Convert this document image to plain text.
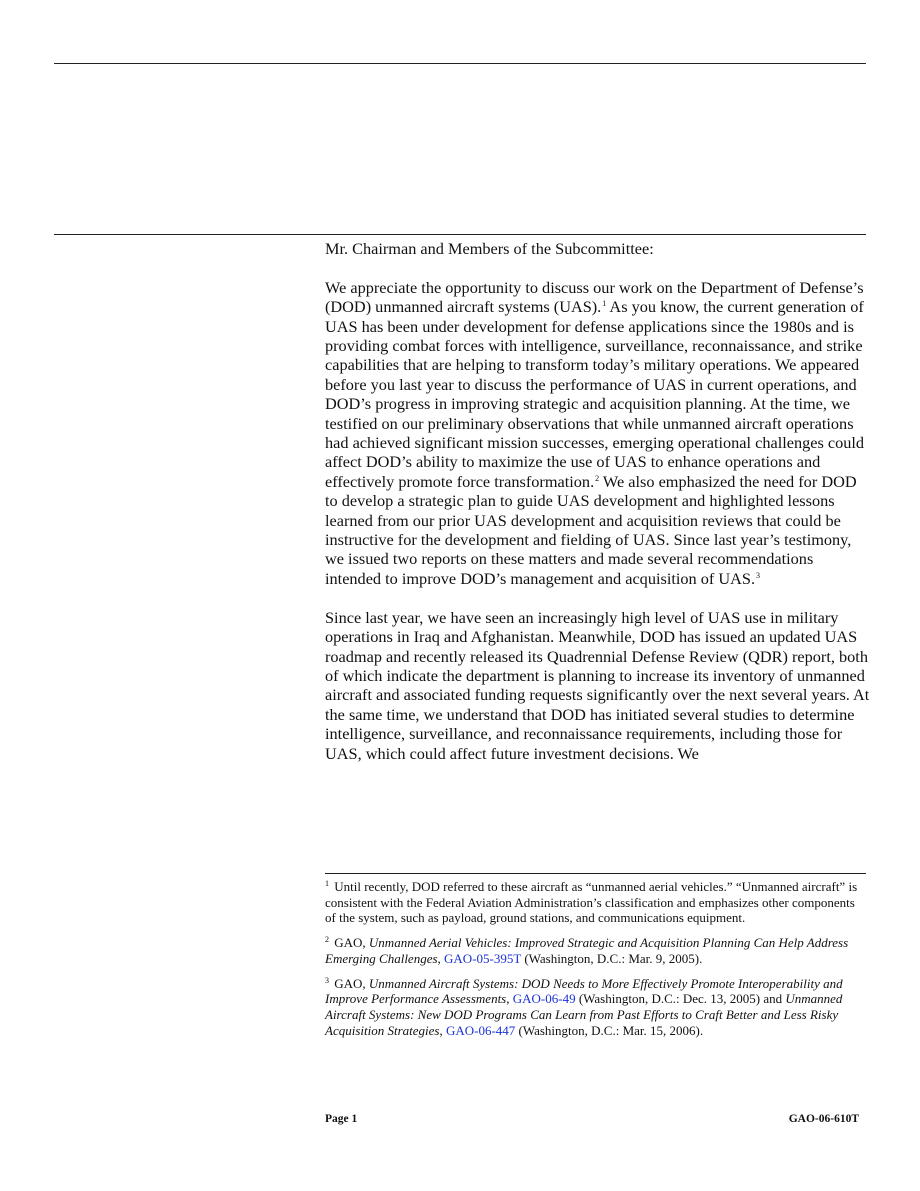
Mr. Chairman and Members of the Subcommittee:

We appreciate the opportunity to discuss our work on the Department of Defense’s (DOD) unmanned aircraft systems (UAS).$^1$ As you know, the current generation of UAS has been under development for defense applications since the 1980s and is providing combat forces with intelligence, surveillance, reconnaissance, and strike capabilities that are helping to transform today’s military operations. We appeared before you last year to discuss the performance of UAS in current operations, and DOD’s progress in improving strategic and acquisition planning. At the time, we testified on our preliminary observations that while unmanned aircraft operations had achieved significant mission successes, emerging operational challenges could affect DOD’s ability to maximize the use of UAS to enhance operations and effectively promote force transformation.$^2$ We also emphasized the need for DOD to develop a strategic plan to guide UAS development and highlighted lessons learned from our prior UAS development and acquisition reviews that could be instructive for the development and fielding of UAS. Since last year’s testimony, we issued two reports on these matters and made several recommendations intended to improve DOD’s management and acquisition of UAS.$^3$

Since last year, we have seen an increasingly high level of UAS use in military operations in Iraq and Afghanistan. Meanwhile, DOD has issued an updated UAS roadmap and recently released its Quadrennial Defense Review (QDR) report, both of which indicate the department is planning to increase its inventory of unmanned aircraft and associated funding requests significantly over the next several years. At the same time, we understand that DOD has initiated several studies to determine intelligence, surveillance, and reconnaissance requirements, including those for UAS, which could affect future investment decisions. We

$^1$ Until recently, DOD referred to these aircraft as “unmanned aerial vehicles.” “Unmanned aircraft” is consistent with the Federal Aviation Administration’s classification and emphasizes other components of the system, such as payload, ground stations, and communications equipment.

$^2$ GAO, Unmanned Aerial Vehicles: Improved Strategic and Acquisition Planning Can Help Address Emerging Challenges, GAO-05-395T (Washington, D.C.: Mar. 9, 2005).

$^3$ GAO, Unmanned Aircraft Systems: DOD Needs to More Effectively Promote Interoperability and Improve Performance Assessments, GAO-06-49 (Washington, D.C.: Dec. 13, 2005) and Unmanned Aircraft Systems: New DOD Programs Can Learn from Past Efforts to Craft Better and Less Risky Acquisition Strategies, GAO-06-447 (Washington, D.C.: Mar. 15, 2006).

Page 1	GAO-06-610T
